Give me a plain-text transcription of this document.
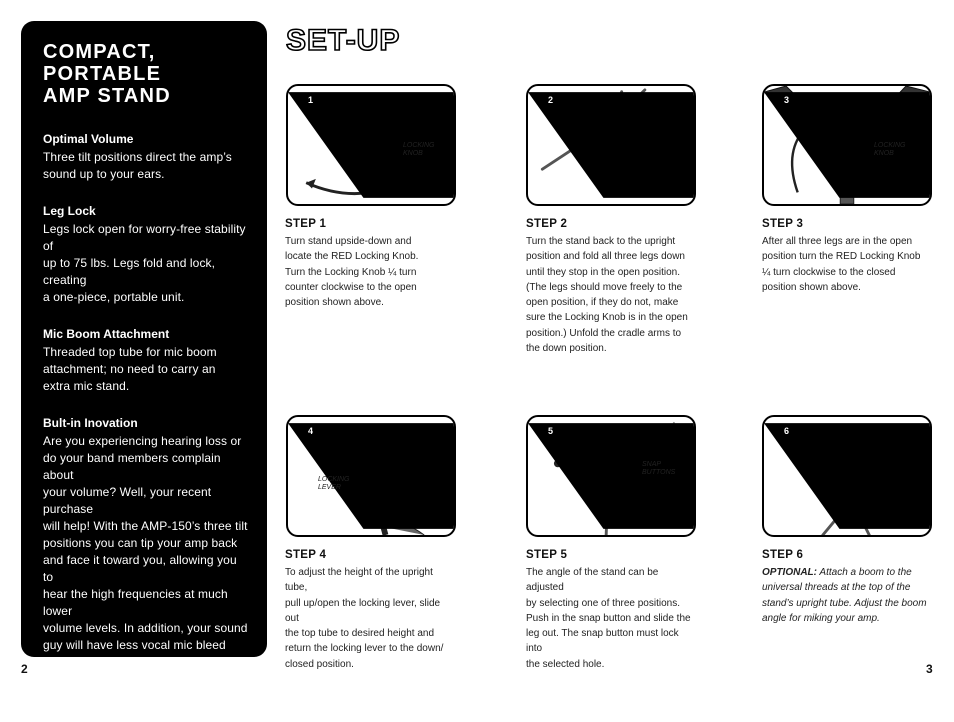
COMPACT, PORTABLE
AMP STAND
Optimal Volume

Three tilt positions direct the amp’s
sound up to your ears.

Leg Lock

Legs lock open for worry-free stability of
up to 75 lbs. Legs fold and lock, creating
a one-piece, portable unit.

Mic Boom Attachment

Threaded top tube for mic boom
attachment; no need to carry an
extra mic stand.

Bult-in Inovation

Are you experiencing hearing loss or
do your band members complain about
your volume? Well, your recent purchase
will help! With the AMP-150’s three tilt
positions you can tip your amp back
and face it toward you, allowing you to
hear the high frequencies at much lower
volume levels. In addition, your sound
guy will have less vocal mic bleed and
better control of the FOH. End result:
your band will stop threatening to
unplug you!

SET-UP
1
LOCKING
KNOB
STEP 1

Turn stand upside-down and
locate the RED Locking Knob.
Turn the Locking Knob ¼ turn
counter clockwise to the open
position shown above.

2
STEP 2

Turn the stand back to the upright
position and fold all three legs down
until they stop in the open position.
(The legs should move freely to the
open position, if they do not, make
sure the Locking Knob is in the open
position.) Unfold the cradle arms to
the down position.

3
LOCKING
KNOB
STEP 3

After all three legs are in the open
position turn the RED Locking Knob
¼ turn clockwise to the closed
position shown above.

4
LOCKING
LEVER
STEP 4

To adjust the height of the upright tube,
pull up/open the locking lever, slide out
the top tube to desired height and
return the locking lever to the down/
closed position.

5
SNAP
BUTTONS
STEP 5

The angle of the stand can be adjusted
by selecting one of three positions.
Push in the snap button and slide the
leg out. The snap button must lock into
the selected hole.

6
STEP 6

OPTIONAL: Attach a boom to the
universal threads at the top of the
stand’s upright tube. Adjust the boom
angle for miking your amp.

2	3
